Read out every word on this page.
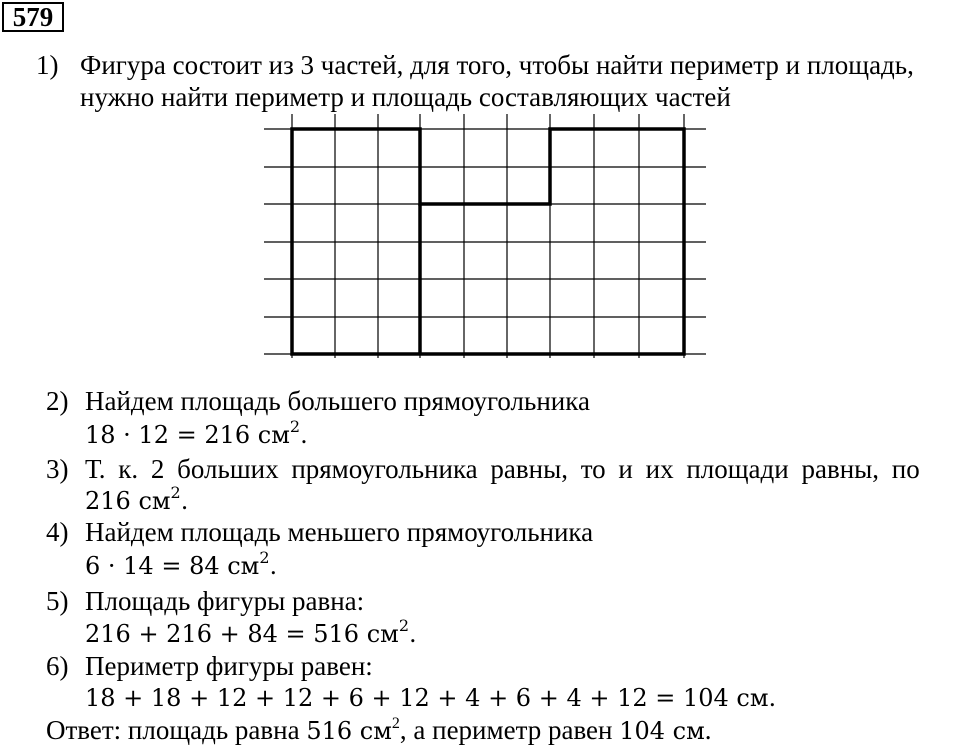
579
1) Фигура состоит из 3 частей, для того, чтобы найти периметр и площадь,
нужно найти периметр и площадь составляющих частей
2) Найдем площадь большего прямоугольника
18 · 12 = 216 $см^2$.
3) Т. к. 2 больших прямоугольника равны, то и их площади равны, по
216 $см^2$.
4) Найдем площадь меньшего прямоугольника
6 · 14 = 84 $см^2$.
5) Площадь фигуры равна:
216 + 216 + 84 = 516 $см^2$.
6) Периметр фигуры равен:
18 + 18 + 12 + 12 + 6 + 12 + 4 + 6 + 4 + 12 = 104 см.
Ответ: площадь равна 516 $см^2$, а периметр равен 104 см.
